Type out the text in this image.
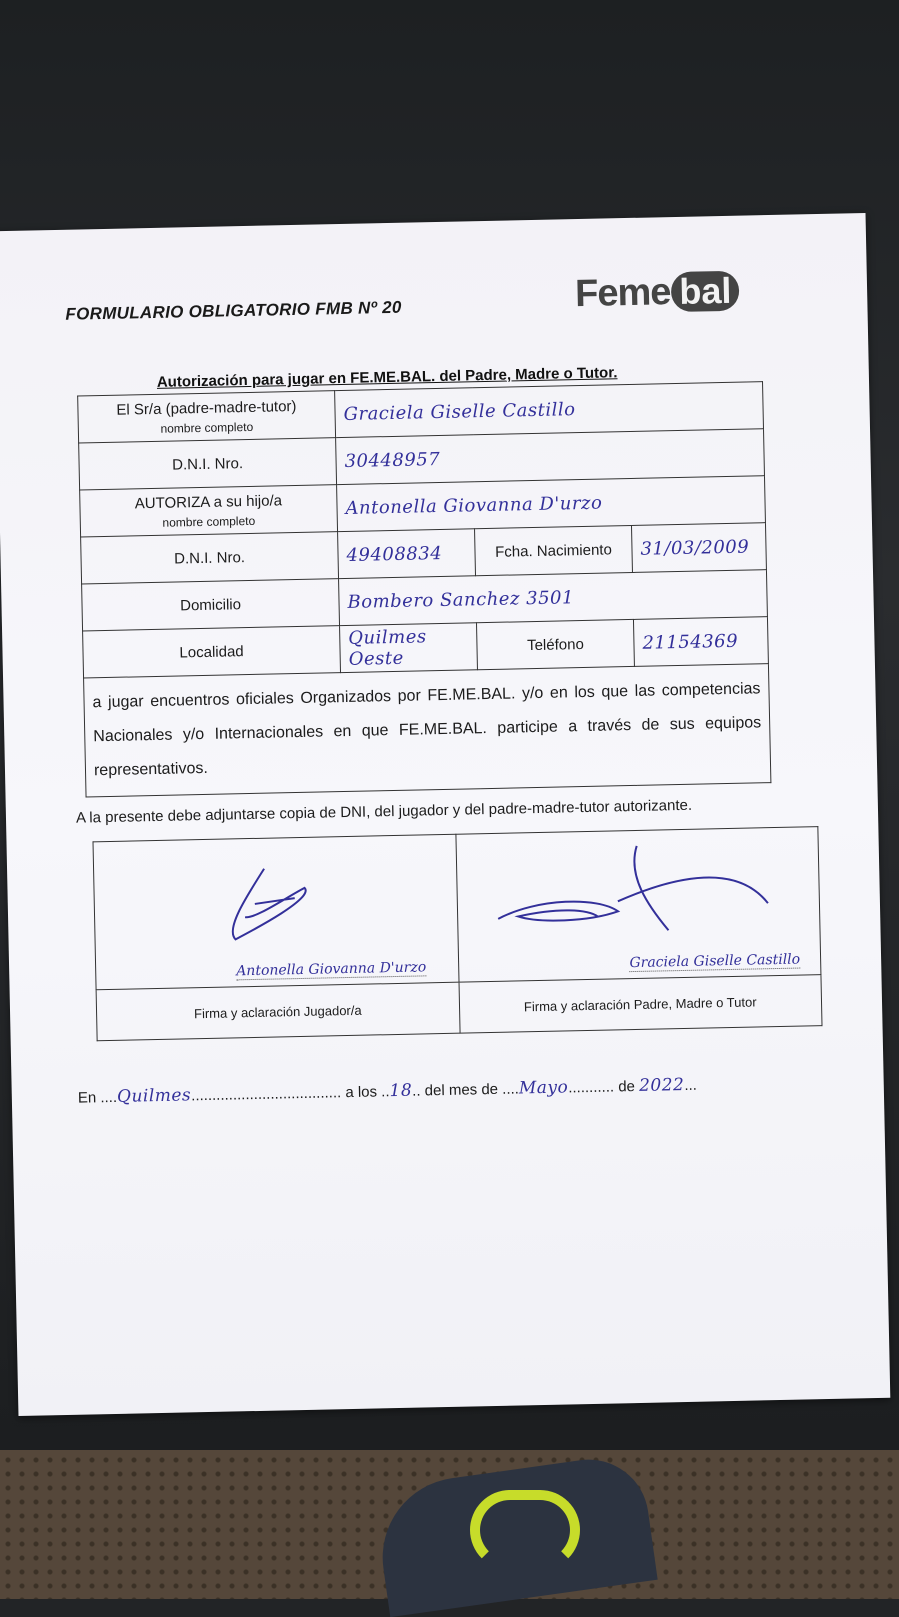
FORMULARIO OBLIGATORIO FMB Nº 20	Feme bal
Autorización para jugar en FE.ME.BAL. del Padre, Madre o Tutor.
El Sr/a (padre-madre-tutor)
nombre completo	Graciela Giselle Castillo		
D.N.I. Nro.	30448957		
AUTORIZA a su hijo/a
nombre completo	Antonella Giovanna D'urzo		
D.N.I. Nro.	49408834	Fcha. Nacimiento	31/03/2009
Domicilio	Bombero Sanchez 3501		
Localidad	Quilmes Oeste	Teléfono	21154369
a jugar encuentros oficiales Organizados por FE.ME.BAL. y/o en los que las competencias Nacionales y/o Internacionales en que FE.ME.BAL. participe a través de sus equipos representativos.			
A la presente debe adjuntarse copia de DNI, del jugador y del padre-madre-tutor autorizante.
Antonella Giovanna D'urzo	Graciela Giselle Castillo

Firma y aclaración Jugador/a	Firma y aclaración Padre, Madre o Tutor
En ....Quilmes.................................... a los ..18.. del mes de ....Mayo........... de 2022...
